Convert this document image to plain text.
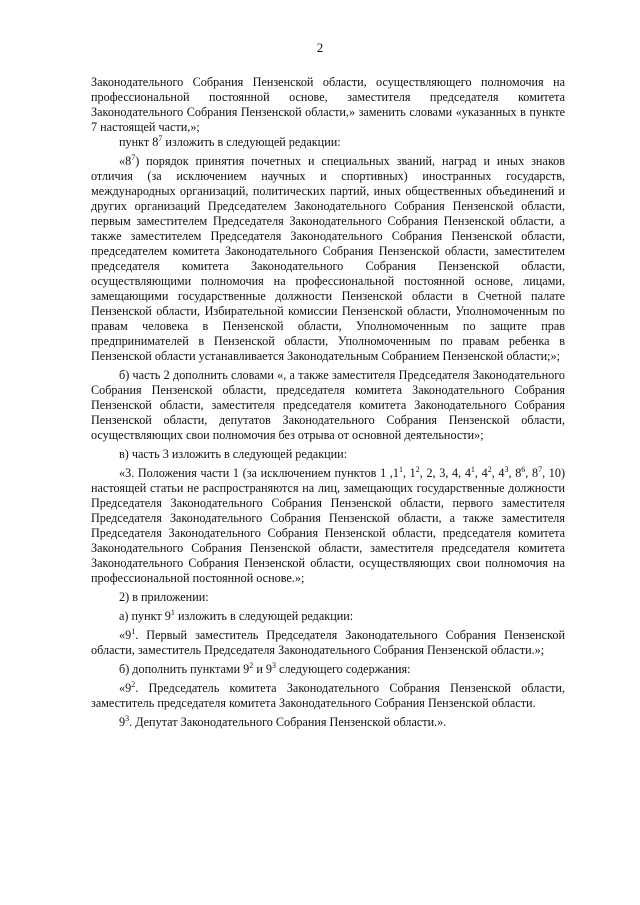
2

Законодательного Собрания Пензенской области, осуществляющего полномочия на профессиональной постоянной основе, заместителя председателя комитета Законодательного Собрания Пензенской области,» заменить словами «указанных в пункте 7 настоящей части,»;

пункт $8^7$ изложить в следующей редакции:

«$8^7$) порядок принятия почетных и специальных званий, наград и иных знаков отличия (за исключением научных и спортивных) иностранных государств, международных организаций, политических партий, иных общественных объединений и других организаций Председателем Законодательного Собрания Пензенской области, первым заместителем Председателя Законодательного Собрания Пензенской области, а также заместителем Председателя Законодательного Собрания Пензенской области, председателем комитета Законодательного Собрания Пензенской области, заместителем председателя комитета Законодательного Собрания Пензенской области, осуществляющими полномочия на профессиональной постоянной основе, лицами, замещающими государственные должности Пензенской области в Счетной палате Пензенской области, Избирательной комиссии Пензенской области, Уполномоченным по правам человека в Пензенской области, Уполномоченным по защите прав предпринимателей в Пензенской области, Уполномоченным по правам ребенка в Пензенской области устанавливается Законодательным Собранием Пензенской области;»;

б) часть 2 дополнить словами «, а также заместителя Председателя Законодательного Собрания Пензенской области, председателя комитета Законодательного Собрания Пензенской области, заместителя председателя комитета Законодательного Собрания Пензенской области, депутатов Законодательного Собрания Пензенской области, осуществляющих свои полномочия без отрыва от основной деятельности»;

в) часть 3 изложить в следующей редакции:

«3. Положения части 1 (за исключением пунктов 1 $,1^1$, $1^2$, 2, 3, 4, $4^1$, $4^2$, $4^3$, $8^6$, $8^7$, 10) настоящей статьи не распространяются на лиц, замещающих государственные должности Председателя Законодательного Собрания Пензенской области, первого заместителя Председателя Законодательного Собрания Пензенской области, а также заместителя Председателя Законодательного Собрания Пензенской области, председателя комитета Законодательного Собрания Пензенской области, заместителя председателя комитета Законодательного Собрания Пензенской области, осуществляющих свои полномочия на профессиональной постоянной основе.»;

2) в приложении:

а) пункт $9^1$ изложить в следующей редакции:

«$9^1$. Первый заместитель Председателя Законодательного Собрания Пензенской области, заместитель Председателя Законодательного Собрания Пензенской области.»;

б) дополнить пунктами $9^2$ и $9^3$ следующего содержания:

«$9^2$. Председатель комитета Законодательного Собрания Пензенской области, заместитель председателя комитета Законодательного Собрания Пензенской области.

$9^3$. Депутат Законодательного Собрания Пензенской области.».
